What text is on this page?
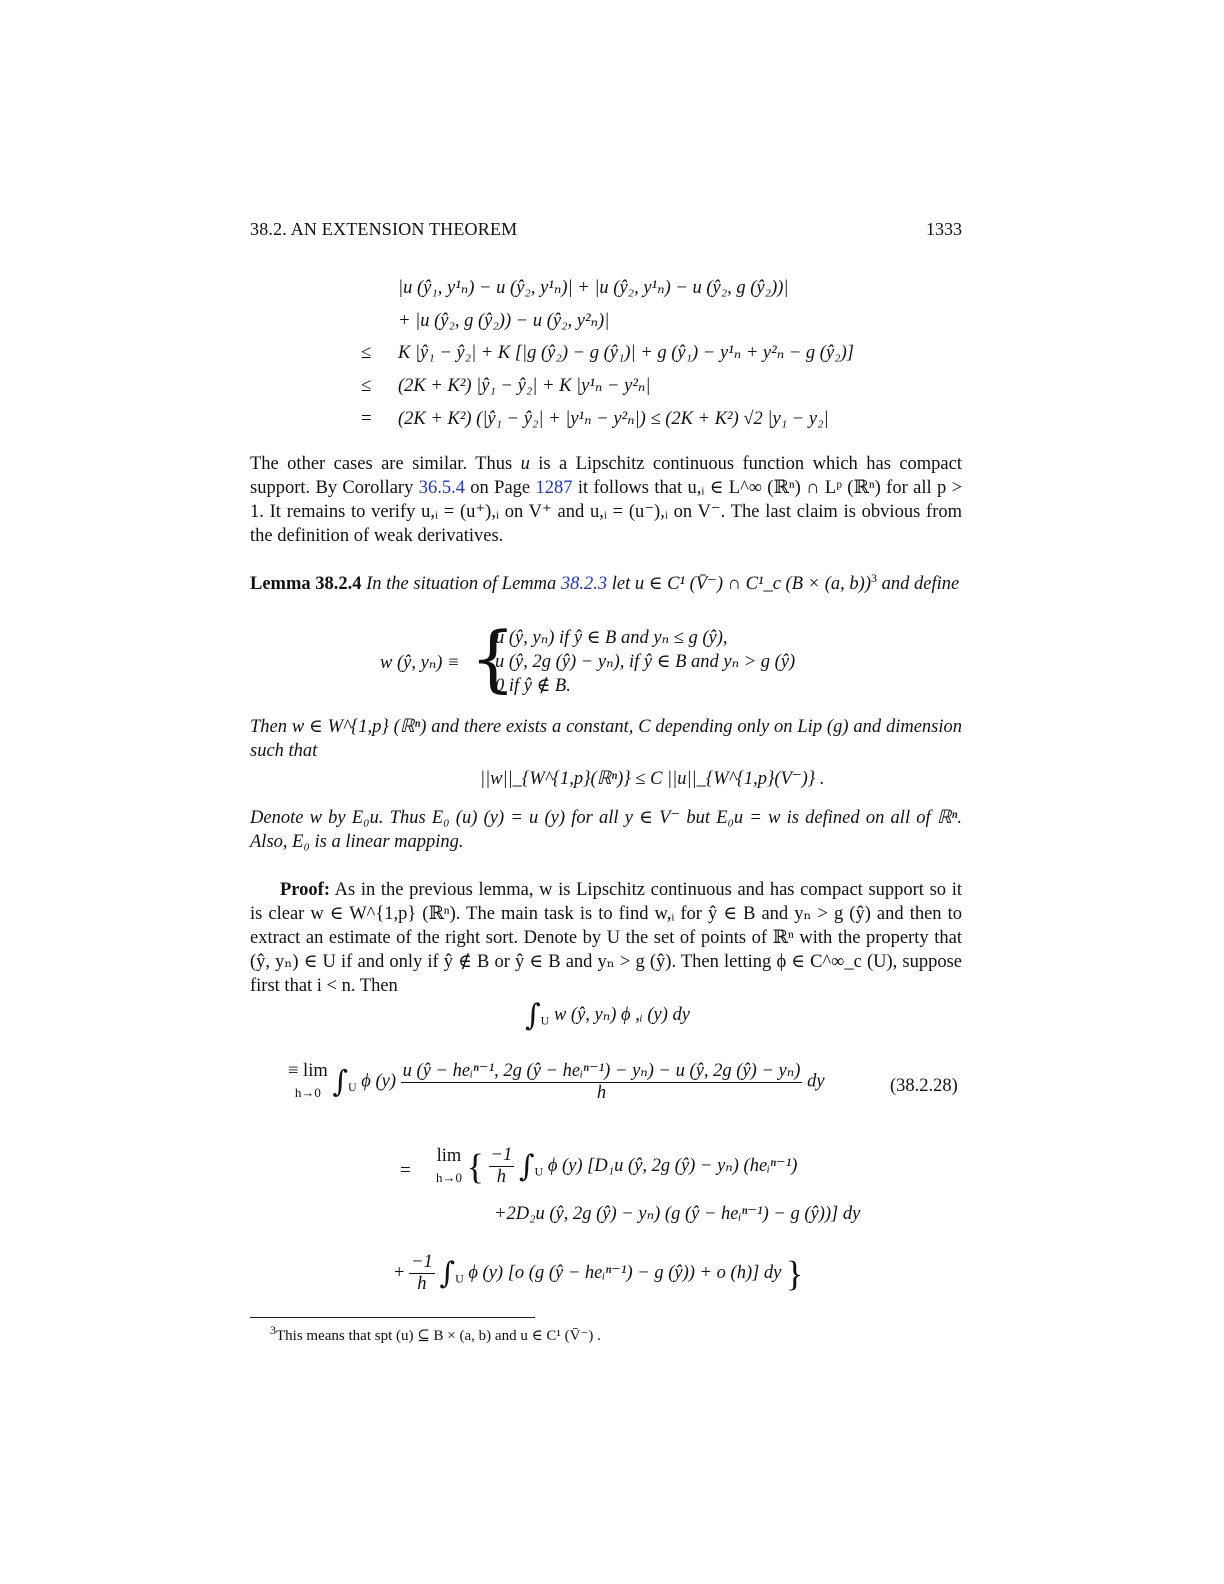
38.2. AN EXTENSION THEOREM	1333
|u (ŷ₁, y¹ₙ) − u (ŷ₂, y¹ₙ)| + |u (ŷ₂, y¹ₙ) − u (ŷ₂, g (ŷ₂))|
+ |u (ŷ₂, g (ŷ₂)) − u (ŷ₂, y²ₙ)|
≤ K |ŷ₁ − ŷ₂| + K [|g (ŷ₂) − g (ŷ₁)| + g (ŷ₁) − y¹ₙ + y²ₙ − g (ŷ₂)]
≤ (2K + K²) |ŷ₁ − ŷ₂| + K |y¹ₙ − y²ₙ|
= (2K + K²) (|ŷ₁ − ŷ₂| + |y¹ₙ − y²ₙ|) ≤ (2K + K²) √2 |y₁ − y₂|
The other cases are similar. Thus u is a Lipschitz continuous function which has compact support. By Corollary 36.5.4 on Page 1287 it follows that u,ᵢ ∈ L^∞ (ℝⁿ) ∩ Lᵖ (ℝⁿ) for all p > 1. It remains to verify u,ᵢ = (u⁺),ᵢ on V⁺ and u,ᵢ = (u⁻),ᵢ on V⁻. The last claim is obvious from the definition of weak derivatives.
Lemma 38.2.4 In the situation of Lemma 38.2.3 let u ∈ C¹ (V̄⁻) ∩ C¹_c (B × (a, b))$^3$ and define
w (ŷ, yₙ) ≡ {
u (ŷ, yₙ) if ŷ ∈ B and yₙ ≤ g (ŷ),
u (ŷ, 2g (ŷ) − yₙ), if ŷ ∈ B and yₙ > g (ŷ)
0 if ŷ ∉ B.
Then w ∈ W^{1,p} (ℝⁿ) and there exists a constant, C depending only on Lip (g) and dimension such that
||w||_{W^{1,p}(ℝⁿ)} ≤ C ||u||_{W^{1,p}(V⁻)} .
Denote w by E₀u. Thus E₀ (u) (y) = u (y) for all y ∈ V⁻ but E₀u = w is defined on all of ℝⁿ. Also, E₀ is a linear mapping.
Proof: As in the previous lemma, w is Lipschitz continuous and has compact support so it is clear w ∈ W^{1,p} (ℝⁿ). The main task is to find w,ᵢ for ŷ ∈ B and yₙ > g (ŷ) and then to extract an estimate of the right sort. Denote by U the set of points of ℝⁿ with the property that (ŷ, yₙ) ∈ U if and only if ŷ ∉ B or ŷ ∈ B and yₙ > g (ŷ). Then letting ϕ ∈ C^∞_c (U), suppose first that i < n. Then
$\int_U$ w (ŷ, yₙ) ϕ ,ᵢ (y) dy
≡ lim
h→0 $\int_U$ ϕ $(y) \frac{\text{u (ŷ − heᵢⁿ⁻¹, 2g (ŷ − heᵢⁿ⁻¹) − yₙ) − u (ŷ, 2g (ŷ) − yₙ)}}{h}$ dy	(38.2.28)
=
lim
h→0 { $\frac{-1}{h} \int_U$ ϕ (y) [D₁u (ŷ, 2g (ŷ) − yₙ) (heᵢⁿ⁻¹)
+2D₂u (ŷ, 2g (ŷ) − yₙ) (g (ŷ − heᵢⁿ⁻¹) − g (ŷ))] dy
+ $\frac{-1}{h} \int_U$ ϕ (y) [o (g (ŷ − heᵢⁿ⁻¹) − g (ŷ)) + o (h)] dy }
$^3$This means that spt (u) ⊆ B × (a, b) and u ∈ C¹ (V̄⁻) .
